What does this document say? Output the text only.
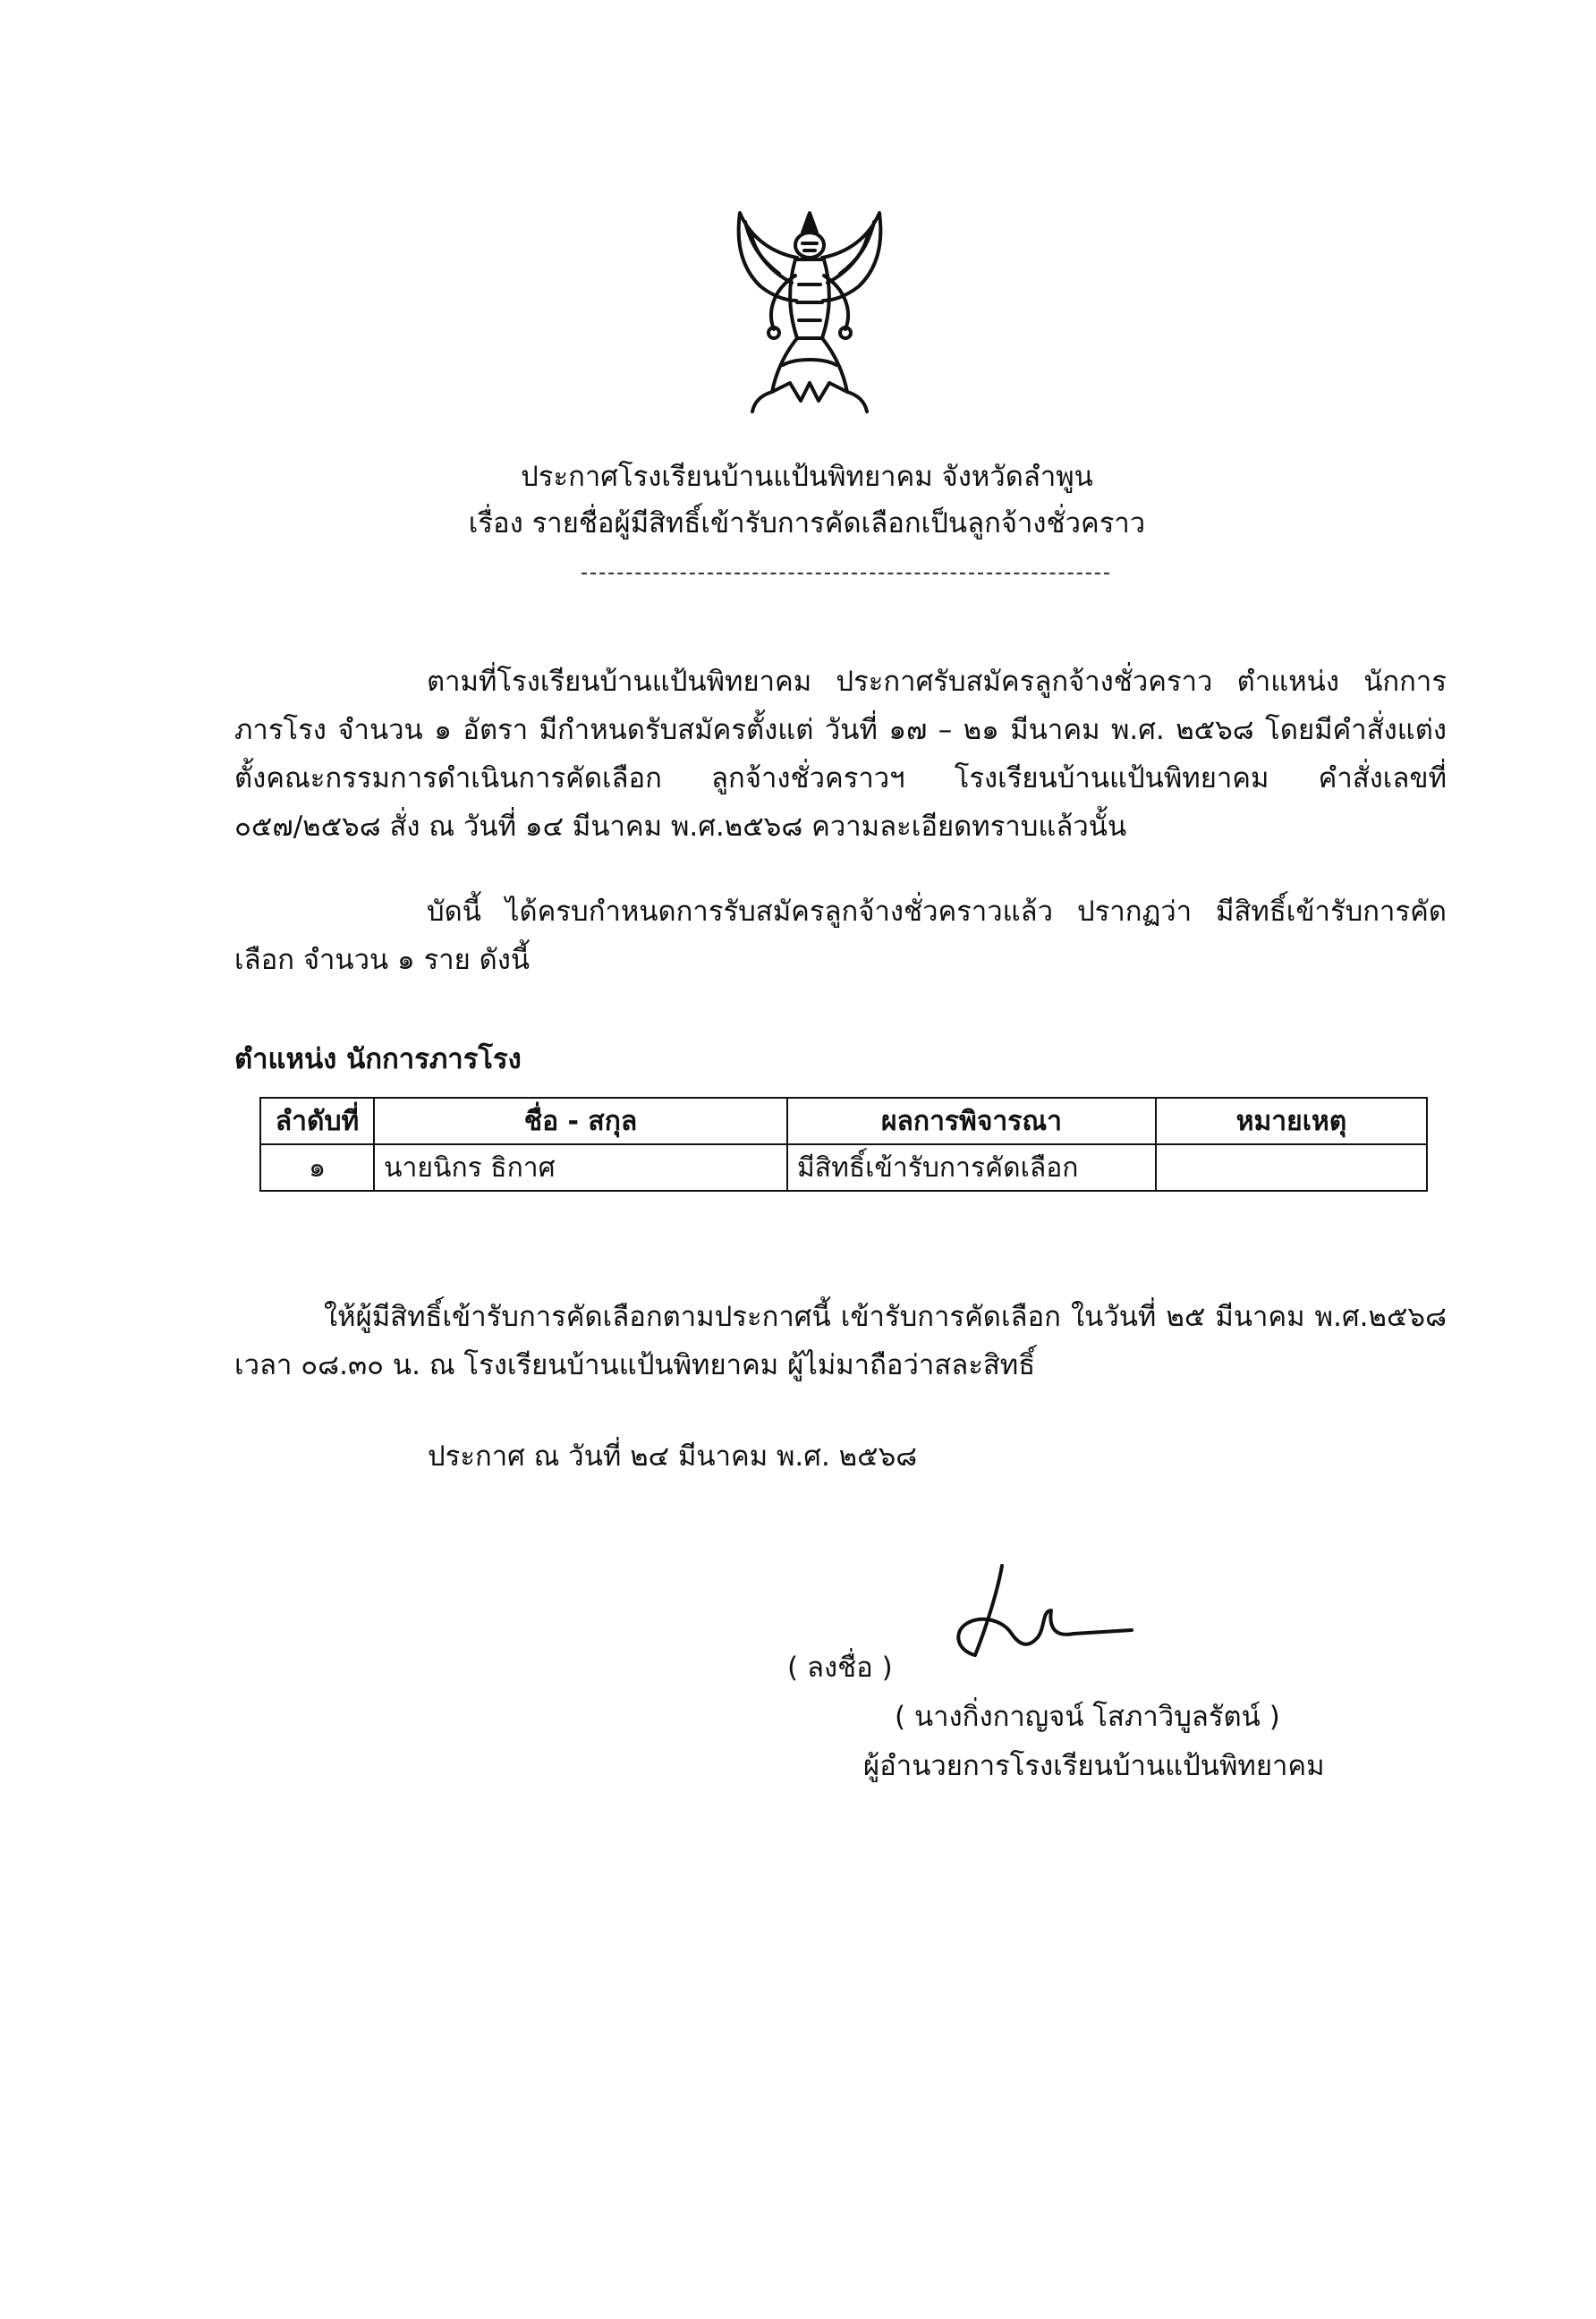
ประกาศโรงเรียนบ้านแป้นพิทยาคม จังหวัดลำพูน
เรื่อง รายชื่อผู้มีสิทธิ์เข้ารับการคัดเลือกเป็นลูกจ้างชั่วคราว
ตามที่โรงเรียนบ้านแป้นพิทยาคม ประกาศรับสมัครลูกจ้างชั่วคราว ตำแหน่ง นักการภารโรง จำนวน ๑ อัตรา มีกำหนดรับสมัครตั้งแต่ วันที่ ๑๗ – ๒๑ มีนาคม พ.ศ. ๒๕๖๘ โดยมีคำสั่งแต่งตั้งคณะกรรมการดำเนินการคัดเลือก ลูกจ้างชั่วคราวฯ โรงเรียนบ้านแป้นพิทยาคม คำสั่งเลขที่ ๐๕๗/๒๕๖๘ สั่ง ณ วันที่ ๑๔ มีนาคม พ.ศ.๒๕๖๘ ความละเอียดทราบแล้วนั้น
บัดนี้ ได้ครบกำหนดการรับสมัครลูกจ้างชั่วคราวแล้ว ปรากฏว่า มีสิทธิ์เข้ารับการคัดเลือก จำนวน ๑ ราย ดังนี้
ตำแหน่ง นักการภารโรง
ลำดับที่	ชื่อ - สกุล	ผลการพิจารณา	หมายเหตุ
๑	นายนิกร ธิกาศ	มีสิทธิ์เข้ารับการคัดเลือก	
ให้ผู้มีสิทธิ์เข้ารับการคัดเลือกตามประกาศนี้ เข้ารับการคัดเลือก ในวันที่ ๒๕ มีนาคม พ.ศ.๒๕๖๘ เวลา ๐๘.๓๐ น. ณ โรงเรียนบ้านแป้นพิทยาคม ผู้ไม่มาถือว่าสละสิทธิ์
ประกาศ ณ วันที่ ๒๔ มีนาคม พ.ศ. ๒๕๖๘
( ลงชื่อ )
( นางกิ่งกาญจน์ โสภาวิบูลรัตน์ )
ผู้อำนวยการโรงเรียนบ้านแป้นพิทยาคม
